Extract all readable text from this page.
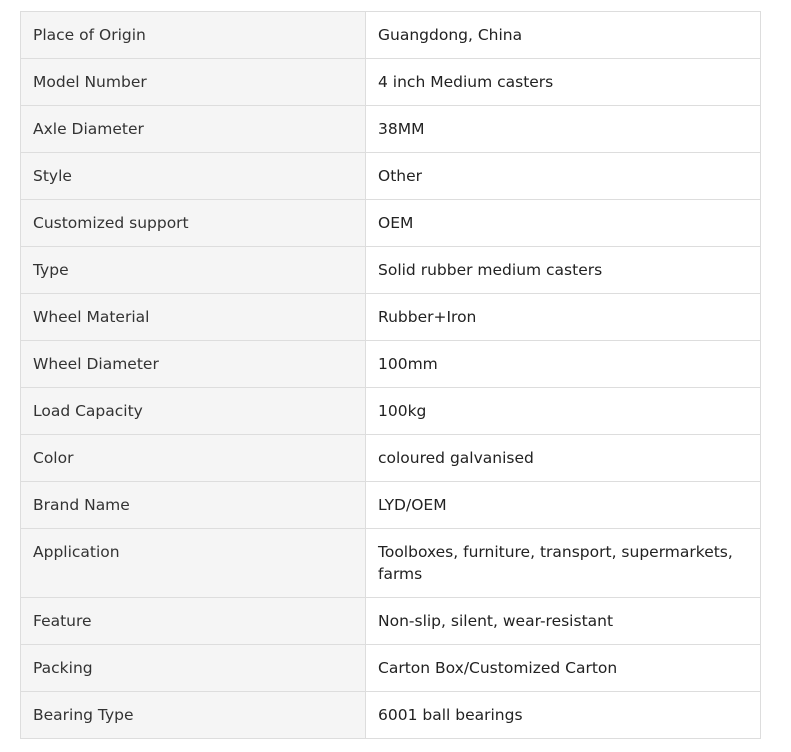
Place of Origin	Guangdong, China
Model Number	4 inch Medium casters
Axle Diameter	38MM
Style	Other
Customized support	OEM
Type	Solid rubber medium casters
Wheel Material	Rubber+Iron
Wheel Diameter	100mm
Load Capacity	100kg
Color	coloured galvanised
Brand Name	LYD/OEM
Application	Toolboxes, furniture, transport, supermarkets, farms
Feature	Non-slip, silent, wear-resistant
Packing	Carton Box/Customized Carton
Bearing Type	6001 ball bearings
